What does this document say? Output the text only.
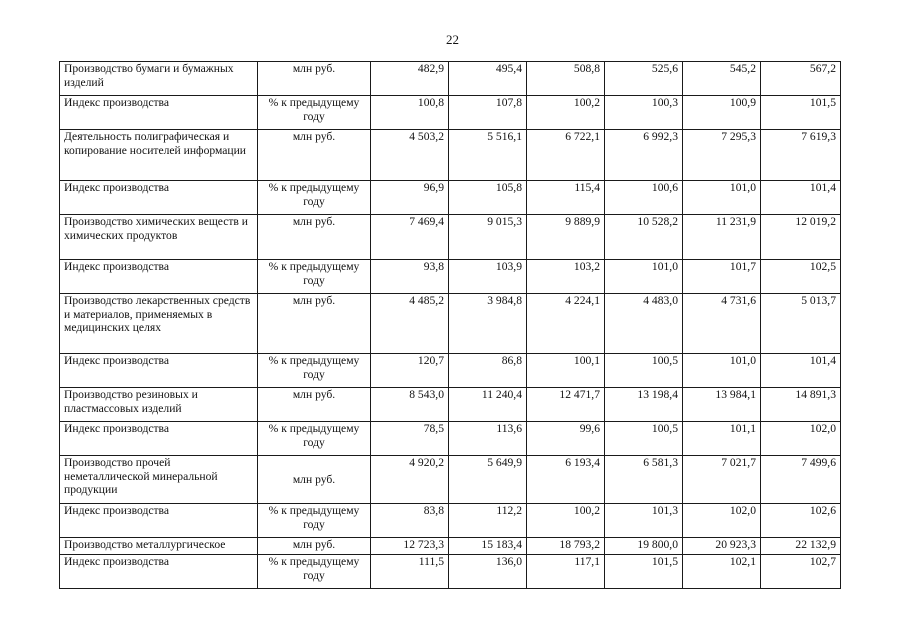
22
Производство бумаги и бумажных изделий	млн руб.	482,9	495,4	508,8	525,6	545,2	567,2
Индекс производства	% к предыдущему году	100,8	107,8	100,2	100,3	100,9	101,5
Деятельность полиграфическая и копирование носителей информации	млн руб.	4 503,2	5 516,1	6 722,1	6 992,3	7 295,3	7 619,3
Индекс производства	% к предыдущему году	96,9	105,8	115,4	100,6	101,0	101,4
Производство химических веществ и химических продуктов	млн руб.	7 469,4	9 015,3	9 889,9	10 528,2	11 231,9	12 019,2
Индекс производства	% к предыдущему году	93,8	103,9	103,2	101,0	101,7	102,5
Производство лекарственных средств и материалов, применяемых в медицинских целях	млн руб.	4 485,2	3 984,8	4 224,1	4 483,0	4 731,6	5 013,7
Индекс производства	% к предыдущему году	120,7	86,8	100,1	100,5	101,0	101,4
Производство резиновых и пластмассовых изделий	млн руб.	8 543,0	11 240,4	12 471,7	13 198,4	13 984,1	14 891,3
Индекс производства	% к предыдущему году	78,5	113,6	99,6	100,5	101,1	102,0
Производство прочей неметаллической минеральной продукции	млн руб.	4 920,2	5 649,9	6 193,4	6 581,3	7 021,7	7 499,6
Индекс производства	% к предыдущему году	83,8	112,2	100,2	101,3	102,0	102,6
Производство металлургическое	млн руб.	12 723,3	15 183,4	18 793,2	19 800,0	20 923,3	22 132,9
Индекс производства	% к предыдущему году	111,5	136,0	117,1	101,5	102,1	102,7
